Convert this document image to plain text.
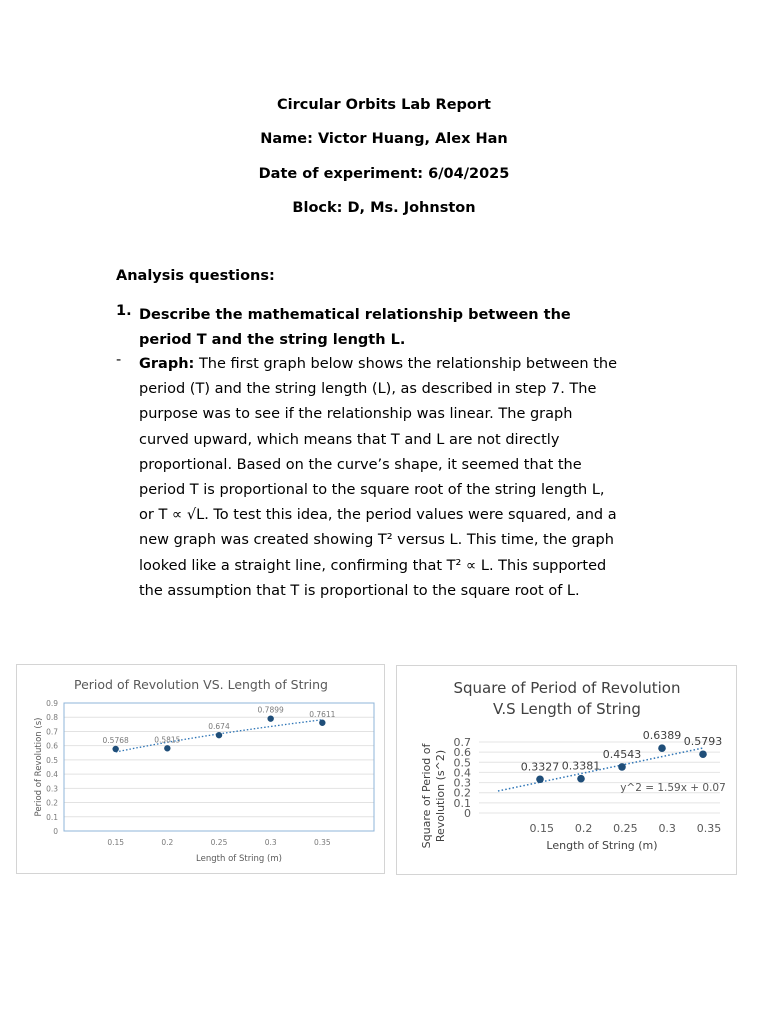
Circular Orbits Lab Report
Name: Victor Huang, Alex Han
Date of experiment: 6/04/2025
Block: D, Ms. Johnston
Analysis questions:
1. Describe the mathematical relationship between the
period T and the string length L.
- Graph: The first graph below shows the relationship between the
period (T) and the string length (L), as described in step 7. The
purpose was to see if the relationship was linear. The graph
curved upward, which means that T and L are not directly
proportional. Based on the curve’s shape, it seemed that the
period T is proportional to the square root of the string length L,
or T ∝ √L. To test this idea, the period values were squared, and a
new graph was created showing T² versus L. This time, the graph
looked like a straight line, confirming that T² ∝ L. This supported
the assumption that T is proportional to the square root of L.
Period of Revolution VS. Length of String
0
0.1
0.2
0.3
0.4
0.5
0.6
0.7
0.8
0.9
0.15	0.2	0.25	0.3	0.35
Length of String (m)
Period of Revolution (s)	0.5768	0.5815
0.674
0.7899	0.7611
Square of Period of Revolution
V.S Length of String
0
0.1
0.2
0.3
0.4
0.5
0.6
0.7
0.15 0.2 0.25 0.3 0.35
Length of String (m)
Square of Period of Revolution (s^2)	0.3327 0.3381
0.4543
0.6389 0.5793
y^2 = 1.59x + 0.07
